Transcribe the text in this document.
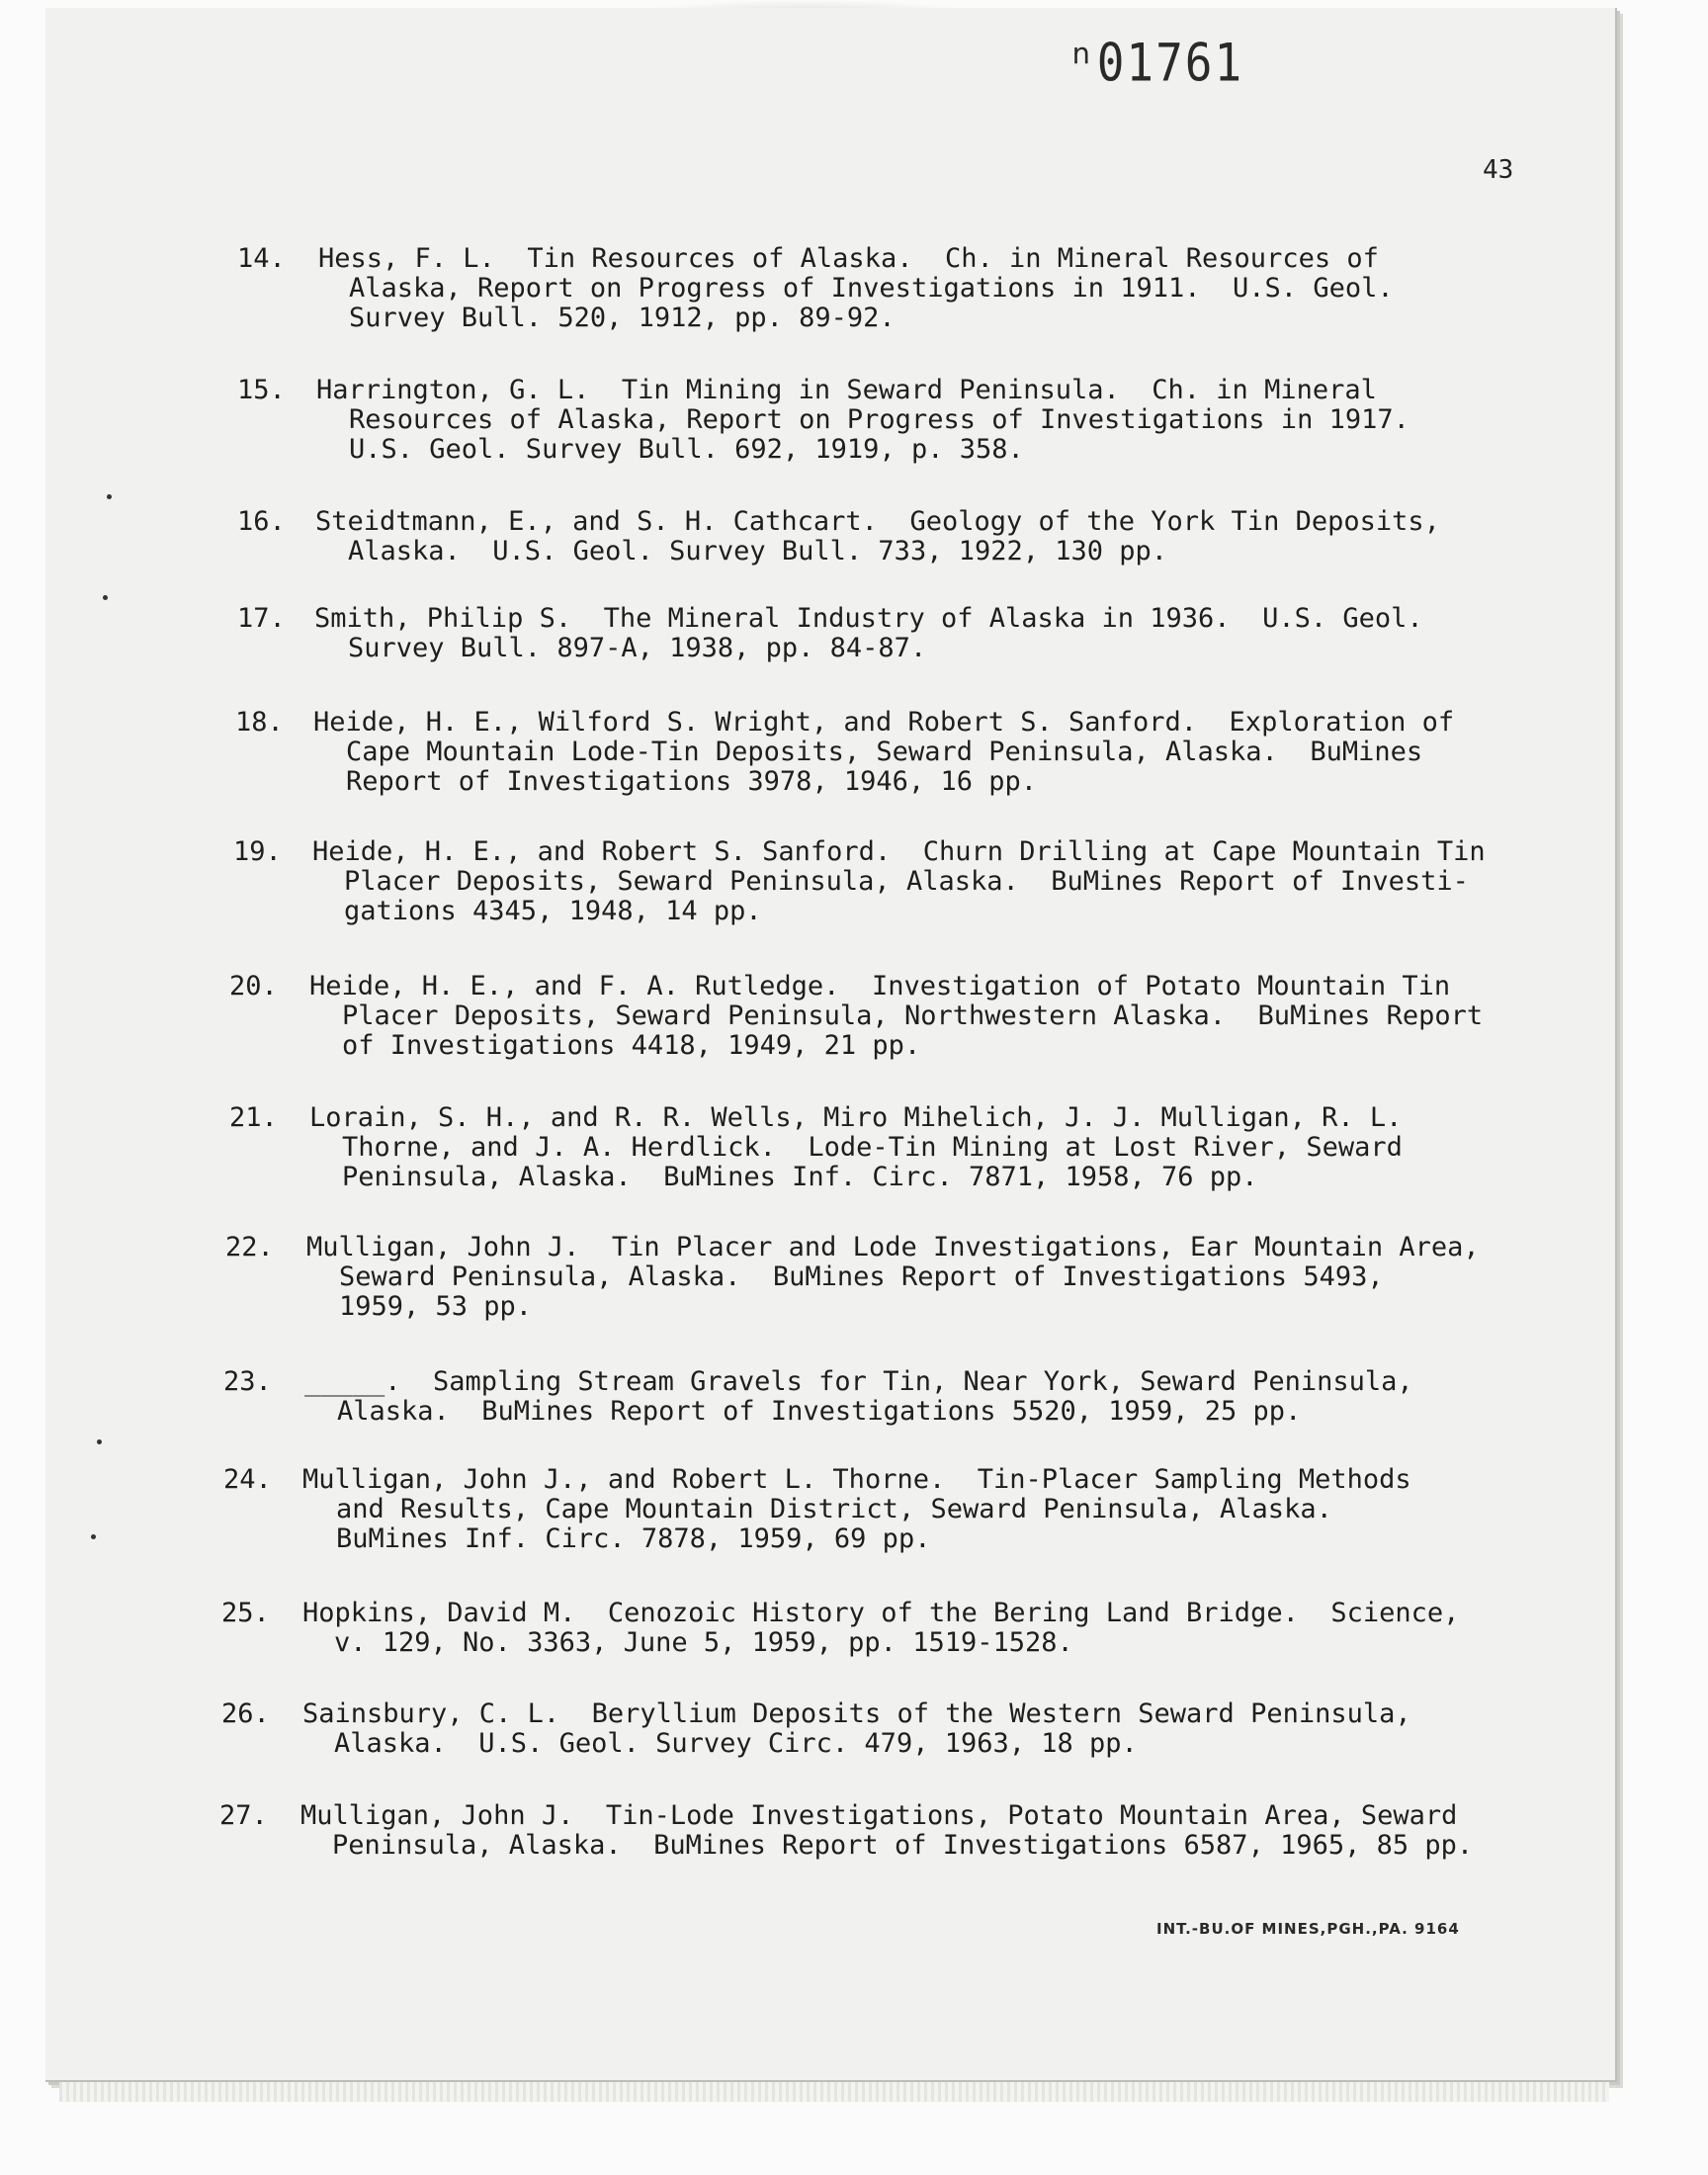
ⁿ01761
43
14. Hess, F. L.  Tin Resources of Alaska.  Ch. in Mineral Resources of
Alaska, Report on Progress of Investigations in 1911.  U.S. Geol.
Survey Bull. 520, 1912, pp. 89-92.
15. Harrington, G. L.  Tin Mining in Seward Peninsula.  Ch. in Mineral
Resources of Alaska, Report on Progress of Investigations in 1917.
U.S. Geol. Survey Bull. 692, 1919, p. 358.
16. Steidtmann, E., and S. H. Cathcart.  Geology of the York Tin Deposits,
Alaska.  U.S. Geol. Survey Bull. 733, 1922, 130 pp.
17. Smith, Philip S.  The Mineral Industry of Alaska in 1936.  U.S. Geol.
Survey Bull. 897-A, 1938, pp. 84-87.
18. Heide, H. E., Wilford S. Wright, and Robert S. Sanford.  Exploration of
Cape Mountain Lode-Tin Deposits, Seward Peninsula, Alaska.  BuMines
Report of Investigations 3978, 1946, 16 pp.
19. Heide, H. E., and Robert S. Sanford.  Churn Drilling at Cape Mountain Tin
Placer Deposits, Seward Peninsula, Alaska.  BuMines Report of Investi-
gations 4345, 1948, 14 pp.
20. Heide, H. E., and F. A. Rutledge.  Investigation of Potato Mountain Tin
Placer Deposits, Seward Peninsula, Northwestern Alaska.  BuMines Report
of Investigations 4418, 1949, 21 pp.
21. Lorain, S. H., and R. R. Wells, Miro Mihelich, J. J. Mulligan, R. L.
Thorne, and J. A. Herdlick.  Lode-Tin Mining at Lost River, Seward
Peninsula, Alaska.  BuMines Inf. Circ. 7871, 1958, 76 pp.
22. Mulligan, John J.  Tin Placer and Lode Investigations, Ear Mountain Area,
Seward Peninsula, Alaska.  BuMines Report of Investigations 5493,
1959, 53 pp.
23. _____.  Sampling Stream Gravels for Tin, Near York, Seward Peninsula,
Alaska.  BuMines Report of Investigations 5520, 1959, 25 pp.
24. Mulligan, John J., and Robert L. Thorne.  Tin-Placer Sampling Methods
and Results, Cape Mountain District, Seward Peninsula, Alaska.
BuMines Inf. Circ. 7878, 1959, 69 pp.
25. Hopkins, David M.  Cenozoic History of the Bering Land Bridge.  Science,
v. 129, No. 3363, June 5, 1959, pp. 1519-1528.
26. Sainsbury, C. L.  Beryllium Deposits of the Western Seward Peninsula,
Alaska.  U.S. Geol. Survey Circ. 479, 1963, 18 pp.
27. Mulligan, John J.  Tin-Lode Investigations, Potato Mountain Area, Seward
Peninsula, Alaska.  BuMines Report of Investigations 6587, 1965, 85 pp.
INT.-BU.OF MINES,PGH.,PA. 9164
